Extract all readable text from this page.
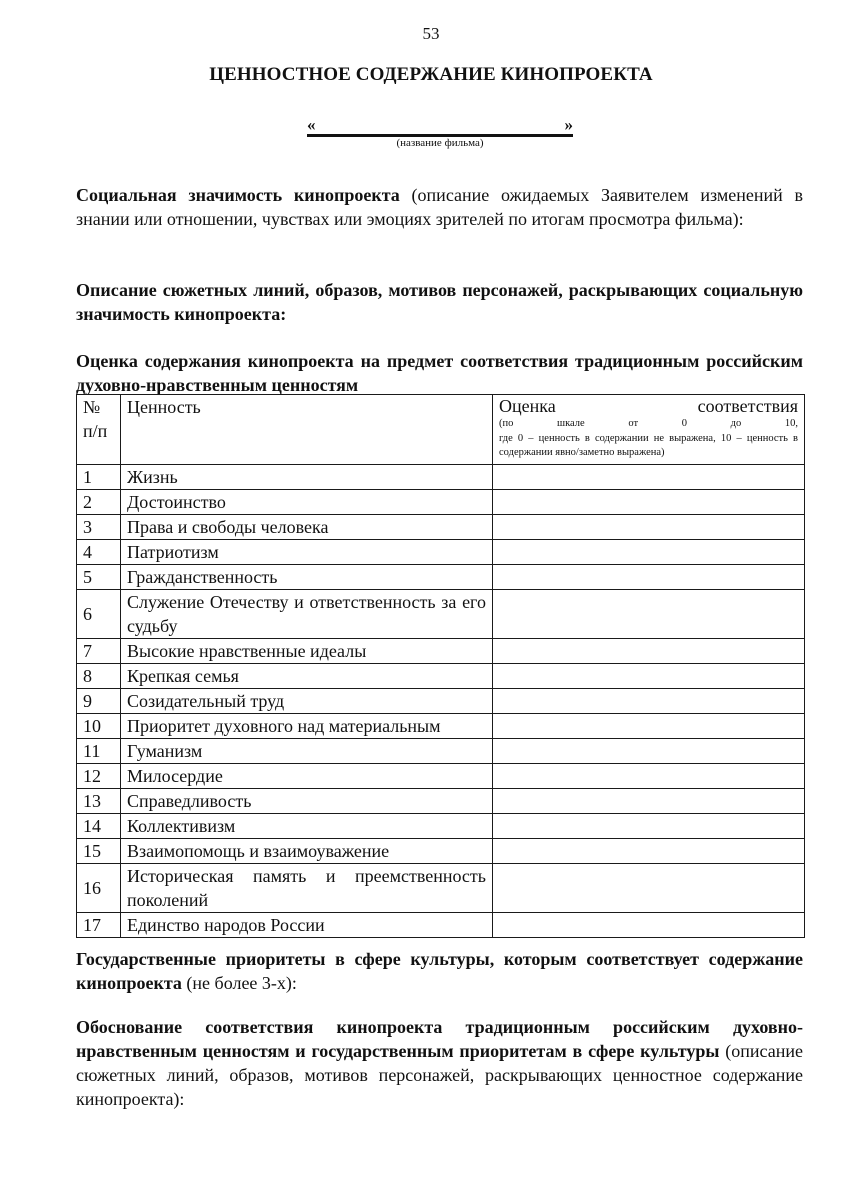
53
ЦЕННОСТНОЕ СОДЕРЖАНИЕ КИНОПРОЕКТА
«	»
(название фильма)
Социальная значимость кинопроекта (описание ожидаемых Заявителем изменений в знании или отношении, чувствах или эмоциях зрителей по итогам просмотра фильма):
Описание сюжетных линий, образов, мотивов персонажей, раскрывающих социальную значимость кинопроекта:
Оценка содержания кинопроекта на предмет соответствия традиционным российским духовно-нравственным ценностям
№ п/п	Ценность	Оценка соответствия
(по шкале от 0 до 10,
где 0 – ценность в содержании не выражена, 10 – ценность в содержании явно/заметно выражена)

1	Жизнь	
2	Достоинство	
3	Права и свободы человека	
4	Патриотизм	
5	Гражданственность	
6	Служение Отечеству и ответственность за его судьбу	
7	Высокие нравственные идеалы	
8	Крепкая семья	
9	Созидательный труд	
10	Приоритет духовного над материальным	
11	Гуманизм	
12	Милосердие	
13	Справедливость	
14	Коллективизм	
15	Взаимопомощь и взаимоуважение	
16	Историческая память и преемственность поколений	
17	Единство народов России	
Государственные приоритеты в сфере культуры, которым соответствует содержание кинопроекта (не более 3-х):
Обоснование соответствия кинопроекта традиционным российским духовно-нравственным ценностям и государственным приоритетам в сфере культуры (описание сюжетных линий, образов, мотивов персонажей, раскрывающих ценностное содержание кинопроекта):
